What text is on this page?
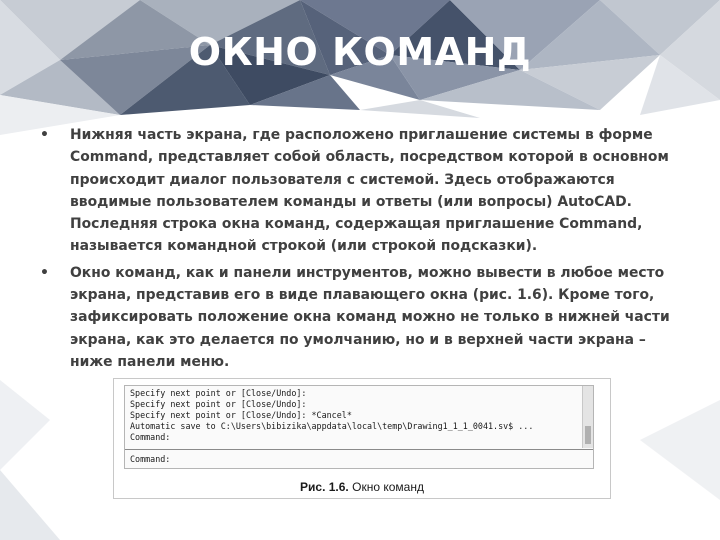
ОКНО КОМАНД
• Нижняя часть экрана, где расположено приглашение системы в форме Command, представляет собой область, посредством которой в основном происходит диалог пользователя с системой. Здесь отображаются вводимые пользователем команды и ответы (или вопросы) AutoCAD. Последняя строка окна команд, содержащая приглашение Command, называется командной строкой (или строкой подсказки).
• Окно команд, как и панели инструментов, можно вывести в любое место экрана, представив его в виде плавающего окна (рис. 1.6). Кроме того, зафиксировать положение окна команд можно не только в нижней части экрана, как это делается по умолчанию, но и в верхней части экрана – ниже панели меню.
Specify next point or [Close/Undo]:
Specify next point or [Close/Undo]:
Specify next point or [Close/Undo]: *Cancel*
Automatic save to C:\Users\bibizika\appdata\local\temp\Drawing1_1_1_0041.sv$ ...
Command:
Command:
Рис. 1.6. Окно команд
